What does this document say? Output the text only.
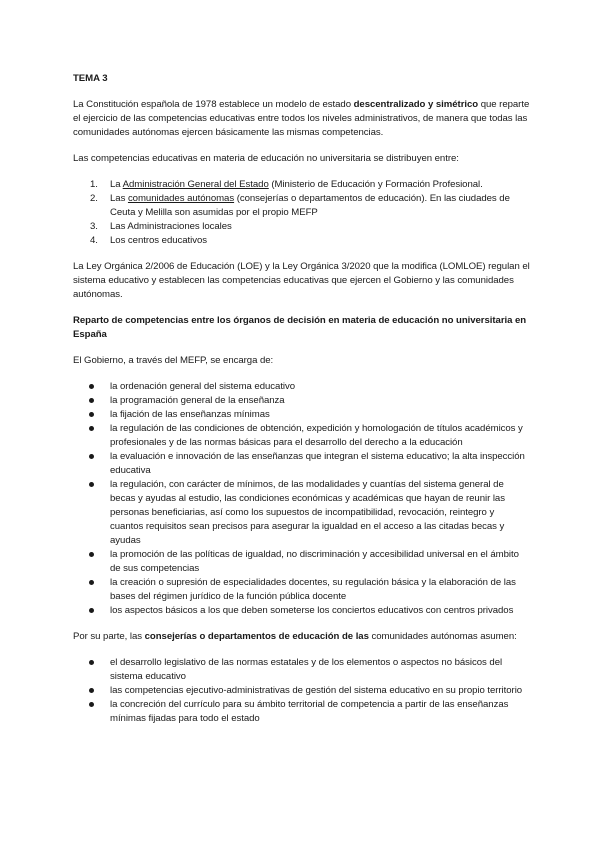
TEMA 3

La Constitución española de 1978 establece un modelo de estado descentralizado y simétrico que reparte el ejercicio de las competencias educativas entre todos los niveles administrativos, de manera que todas las comunidades autónomas ejercen básicamente las mismas competencias.

Las competencias educativas en materia de educación no universitaria se distribuyen entre:

1. La Administración General del Estado (Ministerio de Educación y Formación Profesional.
2. Las comunidades autónomas (consejerías o departamentos de educación). En las ciudades de Ceuta y Melilla son asumidas por el propio MEFP
3. Las Administraciones locales
4. Los centros educativos

La Ley Orgánica 2/2006 de Educación (LOE) y la Ley Orgánica 3/2020 que la modifica (LOMLOE) regulan el sistema educativo y establecen las competencias educativas que ejercen el Gobierno y las comunidades autónomas.

Reparto de competencias entre los órganos de decisión en materia de educación no universitaria en España

El Gobierno, a través del MEFP, se encarga de:

la ordenación general del sistema educativo
la programación general de la enseñanza
la fijación de las enseñanzas mínimas
la regulación de las condiciones de obtención, expedición y homologación de títulos académicos y profesionales y de las normas básicas para el desarrollo del derecho a la educación
la evaluación e innovación de las enseñanzas que integran el sistema educativo; la alta inspección educativa
la regulación, con carácter de mínimos, de las modalidades y cuantías del sistema general de becas y ayudas al estudio, las condiciones económicas y académicas que hayan de reunir las personas beneficiarias, así como los supuestos de incompatibilidad, revocación, reintegro y cuantos requisitos sean precisos para asegurar la igualdad en el acceso a las citadas becas y ayudas
la promoción de las políticas de igualdad, no discriminación y accesibilidad universal en el ámbito de sus competencias
la creación o supresión de especialidades docentes, su regulación básica y la elaboración de las bases del régimen jurídico de la función pública docente
los aspectos básicos a los que deben someterse los conciertos educativos con centros privados

Por su parte, las consejerías o departamentos de educación de las comunidades autónomas asumen:

el desarrollo legislativo de las normas estatales y de los elementos o aspectos no básicos del sistema educativo
las competencias ejecutivo-administrativas de gestión del sistema educativo en su propio territorio
la concreción del currículo para su ámbito territorial de competencia a partir de las enseñanzas mínimas fijadas para todo el estado
